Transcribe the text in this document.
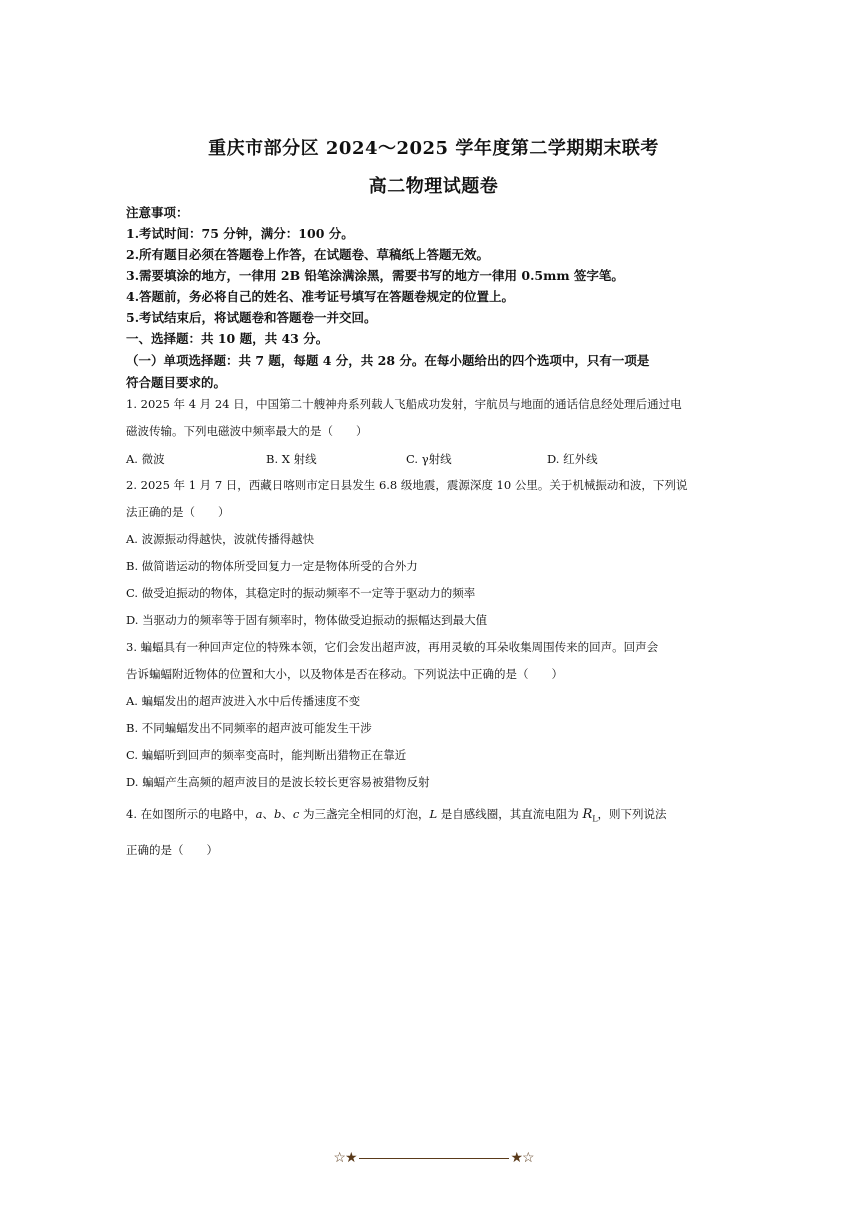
重庆市部分区 2024～2025 学年度第二学期期末联考
高二物理试题卷
注意事项：
1.考试时间：75 分钟，满分：100 分。
2.所有题目必须在答题卷上作答，在试题卷、草稿纸上答题无效。
3.需要填涂的地方，一律用 2B 铅笔涂满涂黑，需要书写的地方一律用 0.5mm 签字笔。
4.答题前，务必将自己的姓名、准考证号填写在答题卷规定的位置上。
5.考试结束后，将试题卷和答题卷一并交回。
一、选择题：共 10 题，共 43 分。
（一）单项选择题：共 7 题，每题 4 分，共 28 分。在每小题给出的四个选项中，只有一项是
符合题目要求的。
1. 2025 年 4 月 24 日，中国第二十艘神舟系列载人飞船成功发射，宇航员与地面的通话信息经处理后通过电
磁波传输。下列电磁波中频率最大的是（　　）
A. 微波	B. X 射线	C. γ射线	D. 红外线
2. 2025 年 1 月 7 日，西藏日喀则市定日县发生 6.8 级地震，震源深度 10 公里。关于机械振动和波，下列说
法正确的是（　　）
A. 波源振动得越快，波就传播得越快
B. 做简谐运动的物体所受回复力一定是物体所受的合外力
C. 做受迫振动的物体，其稳定时的振动频率不一定等于驱动力的频率
D. 当驱动力的频率等于固有频率时，物体做受迫振动的振幅达到最大值
3. 蝙蝠具有一种回声定位的特殊本领，它们会发出超声波，再用灵敏的耳朵收集周围传来的回声。回声会
告诉蝙蝠附近物体的位置和大小，以及物体是否在移动。下列说法中正确的是（　　）
A. 蝙蝠发出的超声波进入水中后传播速度不变
B. 不同蝙蝠发出不同频率的超声波可能发生干涉
C. 蝙蝠听到回声的频率变高时，能判断出猎物正在靠近
D. 蝙蝠产生高频的超声波目的是波长较长更容易被猎物反射
4. 在如图所示的电路中，a、b、c 为三盏完全相同的灯泡，L 是自感线圈，其直流电阻为 $R_L$，则下列说法
正确的是（　　）
☆★	★☆
